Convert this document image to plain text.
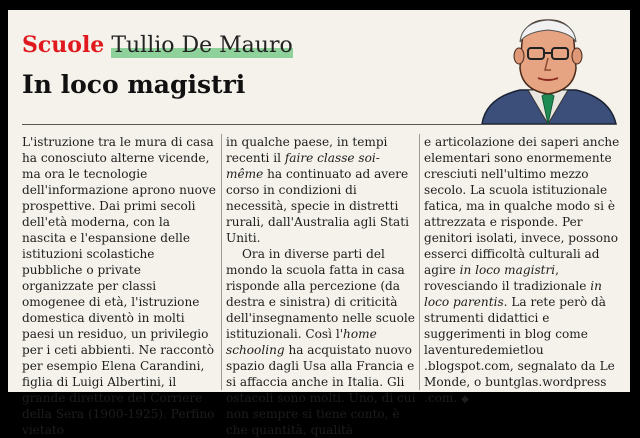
Scuole Tullio De Mauro
In loco magistri

L'istruzione tra le mura di casa ha conosciuto alterne vicende, ma ora le tecnologie dell'informazione aprono nuove prospettive. Dai primi secoli dell'età moderna, con la nascita e l'espansione delle istituzioni scolastiche pubbliche o private organizzate per classi omogenee di età, l'istruzione domestica diventò in molti paesi un residuo, un privilegio per i ceti abbienti. Ne raccontò per esempio Elena Carandini, figlia di Luigi Albertini, il grande direttore del Corriere della Sera (1900-1925). Perfino vietato

in qualche paese, in tempi recenti il faire classe soi-même ha continuato ad avere corso in condizioni di necessità, specie in distretti rurali, dall'Australia agli Stati Uniti.

Ora in diverse parti del mondo la scuola fatta in casa risponde alla percezione (da destra e sinistra) di criticità dell'insegnamento nelle scuole istituzionali. Così l'home schooling ha acquistato nuovo spazio dagli Usa alla Francia e si affaccia anche in Italia. Gli ostacoli sono molti. Uno, di cui non sempre si tiene conto, è che quantità, qualità

e articolazione dei saperi anche elementari sono enormemente cresciuti nell'ultimo mezzo secolo. La scuola istituzionale fatica, ma in qualche modo si è attrezzata e risponde. Per genitori isolati, invece, possono esserci difficoltà culturali ad agire in loco magistri, rovesciando il tradizionale in loco parentis. La rete però dà strumenti didattici e suggerimenti in blog come laventuredemietlou .blogspot.com, segnalato da Le Monde, o buntglas.wordpress .com. ◆
